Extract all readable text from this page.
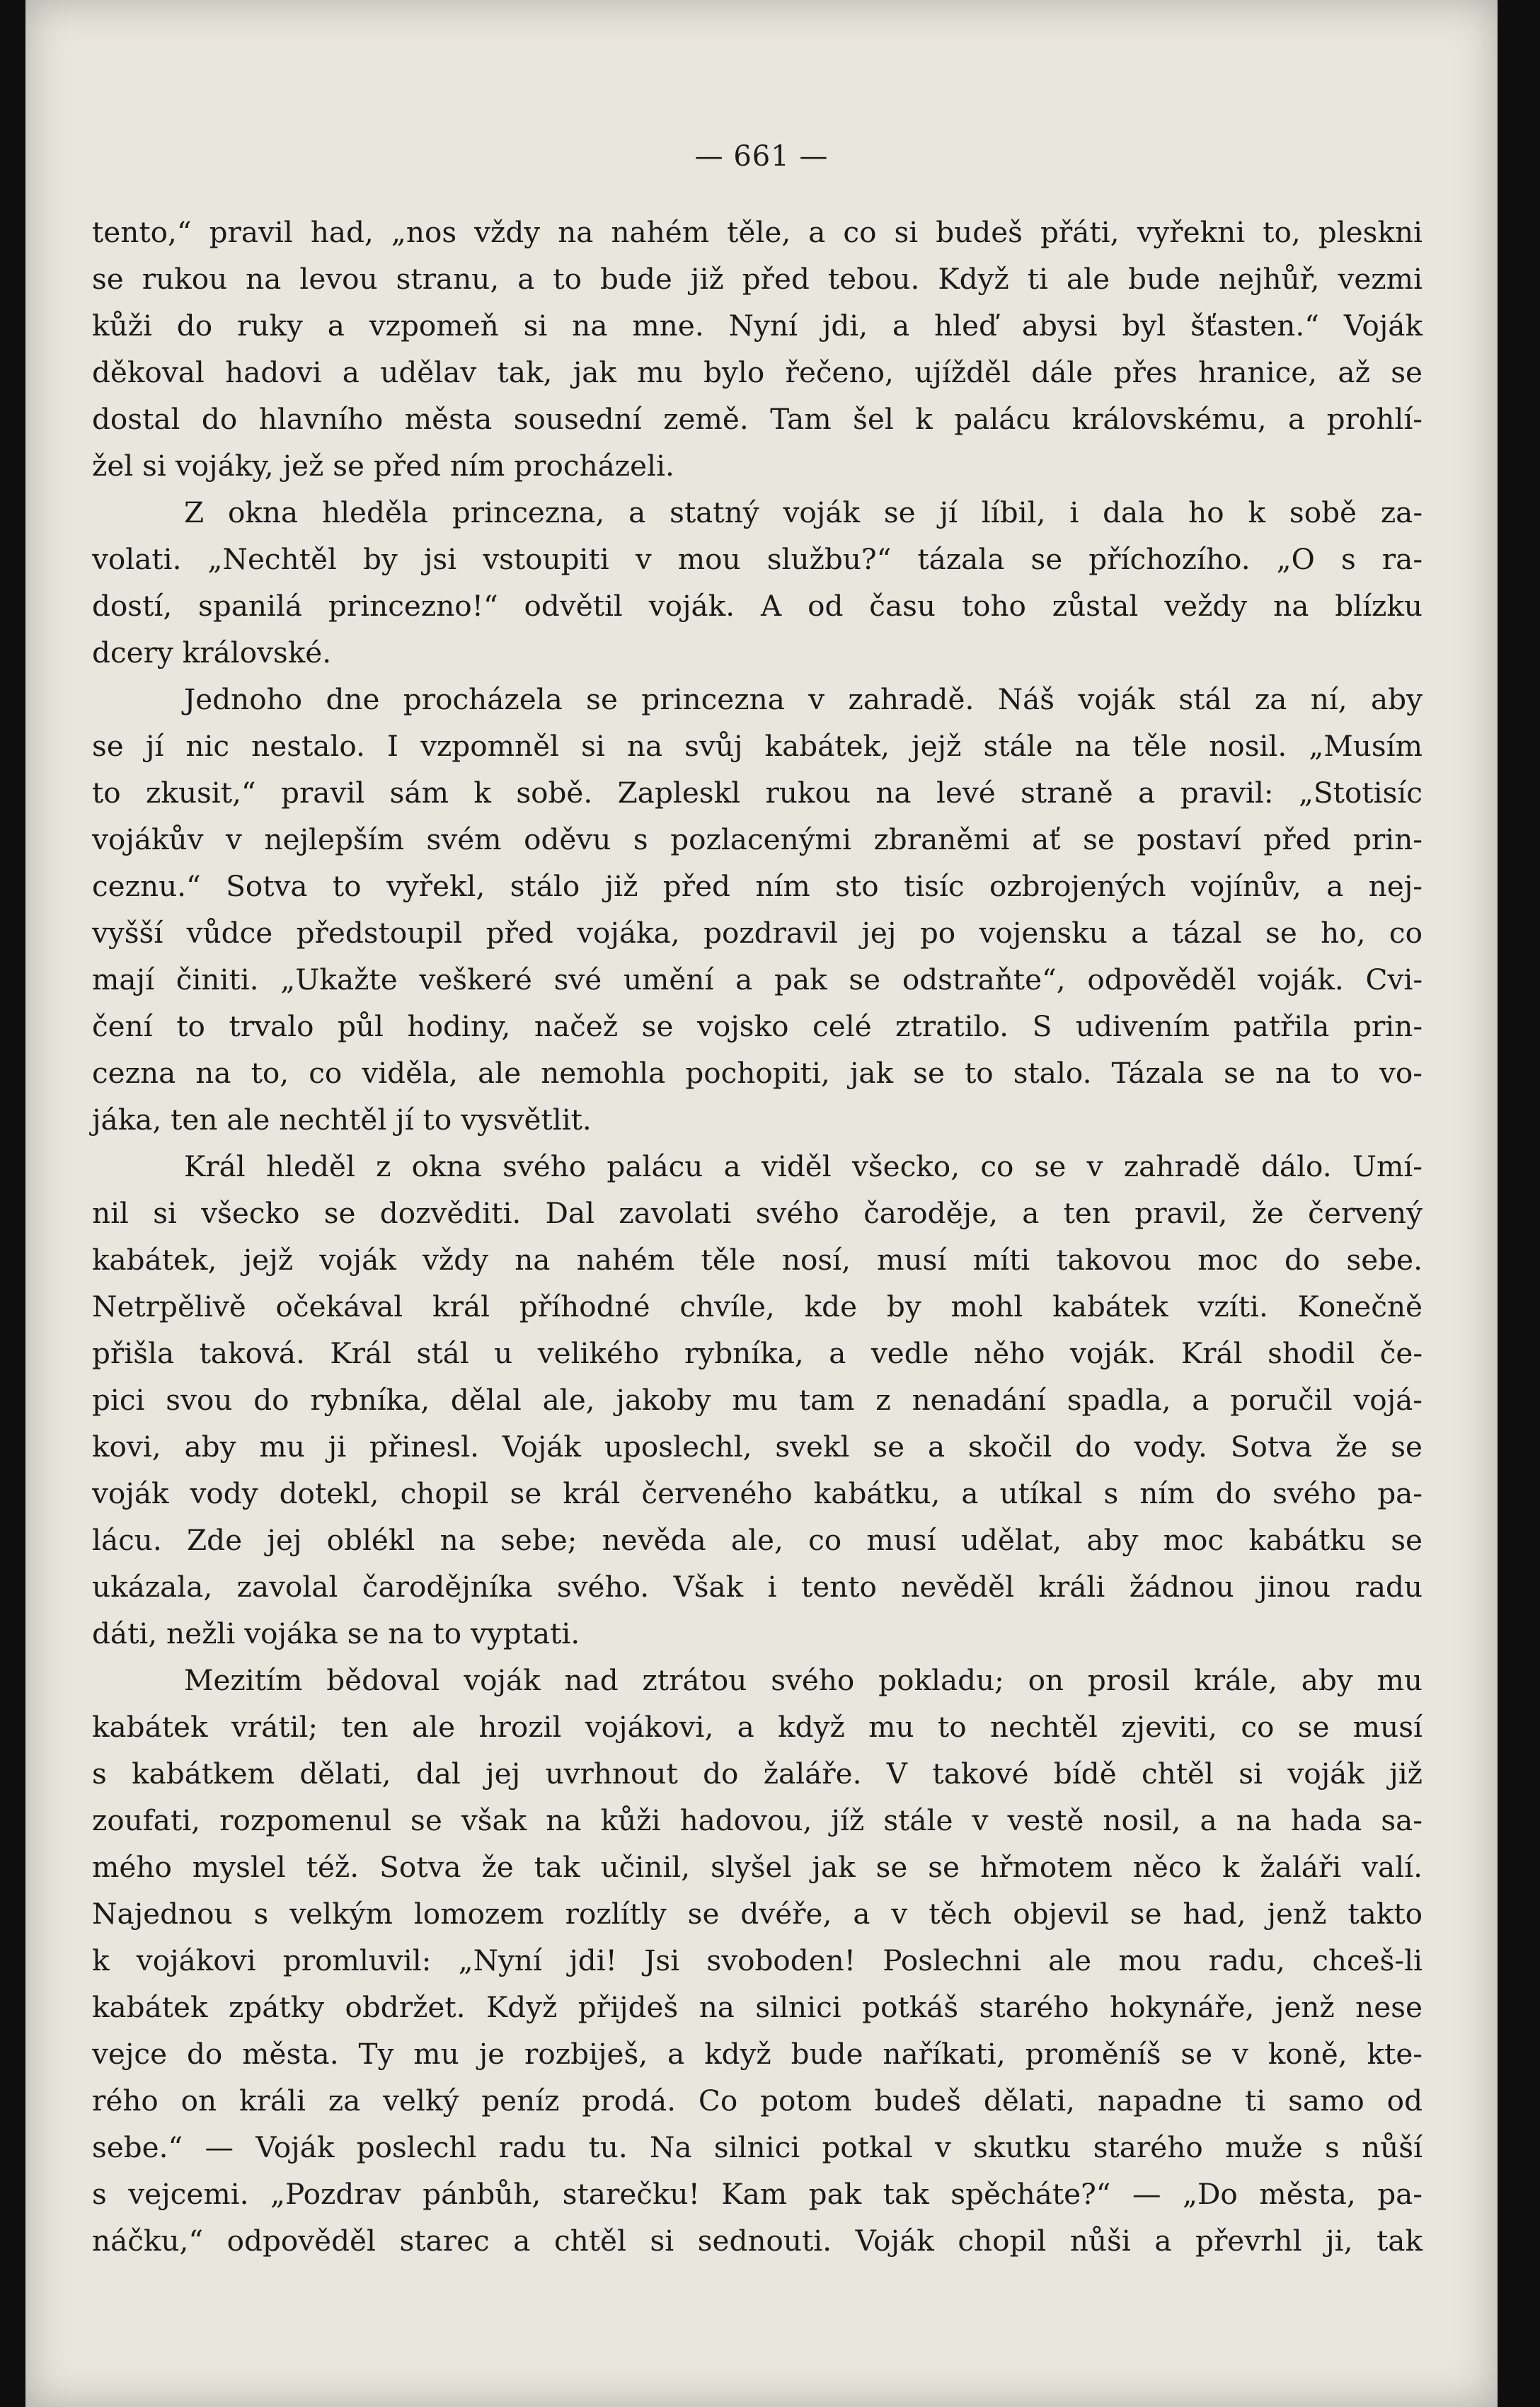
— 661 —

tento,“ pravil had, „nos vždy na nahém těle, a co si budeš přáti, vyřekni to, pleskni
se rukou na levou stranu, a to bude již před tebou. Když ti ale bude nejhůř, vezmi
kůži do ruky a vzpomeň si na mne. Nyní jdi, a hleď abysi byl šťasten.“ Voják
děkoval hadovi a udělav tak, jak mu bylo řečeno, ujížděl dále přes hranice, až se
dostal do hlavního města sousední země. Tam šel k palácu královskému, a prohlí-
žel si vojáky, jež se před ním procházeli.

Z okna hleděla princezna, a statný voják se jí líbil, i dala ho k sobě za-
volati. „Nechtěl by jsi vstoupiti v mou službu?“ tázala se příchozího. „O s ra-
dostí, spanilá princezno!“ odvětil voják. A od času toho zůstal veždy na blízku
dcery královské.

Jednoho dne procházela se princezna v zahradě. Náš voják stál za ní, aby
se jí nic nestalo. I vzpomněl si na svůj kabátek, jejž stále na těle nosil. „Musím
to zkusit,“ pravil sám k sobě. Zapleskl rukou na levé straně a pravil: „Stotisíc
vojákův v nejlepším svém oděvu s pozlacenými zbraněmi ať se postaví před prin-
ceznu.“ Sotva to vyřekl, stálo již před ním sto tisíc ozbrojených vojínův, a nej-
vyšší vůdce předstoupil před vojáka, pozdravil jej po vojensku a tázal se ho, co
mají činiti. „Ukažte veškeré své umění a pak se odstraňte“, odpověděl voják. Cvi-
čení to trvalo půl hodiny, načež se vojsko celé ztratilo. S udivením patřila prin-
cezna na to, co viděla, ale nemohla pochopiti, jak se to stalo. Tázala se na to vo-
jáka, ten ale nechtěl jí to vysvětlit.

Král hleděl z okna svého palácu a viděl všecko, co se v zahradě dálo. Umí-
nil si všecko se dozvěditi. Dal zavolati svého čaroděje, a ten pravil, že červený
kabátek, jejž voják vždy na nahém těle nosí, musí míti takovou moc do sebe.
Netrpělivě očekával král příhodné chvíle, kde by mohl kabátek vzíti. Konečně
přišla taková. Král stál u velikého rybníka, a vedle něho voják. Král shodil če-
pici svou do rybníka, dělal ale, jakoby mu tam z nenadání spadla, a poručil vojá-
kovi, aby mu ji přinesl. Voják uposlechl, svekl se a skočil do vody. Sotva že se
voják vody dotekl, chopil se král červeného kabátku, a utíkal s ním do svého pa-
lácu. Zde jej oblékl na sebe; nevěda ale, co musí udělat, aby moc kabátku se
ukázala, zavolal čarodějníka svého. Však i tento nevěděl králi žádnou jinou radu
dáti, nežli vojáka se na to vyptati.

Mezitím bědoval voják nad ztrátou svého pokladu; on prosil krále, aby mu
kabátek vrátil; ten ale hrozil vojákovi, a když mu to nechtěl zjeviti, co se musí
s kabátkem dělati, dal jej uvrhnout do žaláře. V takové bídě chtěl si voják již
zoufati, rozpomenul se však na kůži hadovou, jíž stále v vestě nosil, a na hada sa-
mého myslel též. Sotva že tak učinil, slyšel jak se se hřmotem něco k žaláři valí.
Najednou s velkým lomozem rozlítly se dvéře, a v těch objevil se had, jenž takto
k vojákovi promluvil: „Nyní jdi! Jsi svoboden! Poslechni ale mou radu, chceš-li
kabátek zpátky obdržet. Když přijdeš na silnici potkáš starého hokynáře, jenž nese
vejce do města. Ty mu je rozbiješ, a když bude naříkati, proměníš se v koně, kte-
rého on králi za velký peníz prodá. Co potom budeš dělati, napadne ti samo od
sebe.“ — Voják poslechl radu tu. Na silnici potkal v skutku starého muže s nůší
s vejcemi. „Pozdrav pánbůh, starečku! Kam pak tak spěcháte?“ — „Do města, pa-
náčku,“ odpověděl starec a chtěl si sednouti. Voják chopil nůši a převrhl ji, tak
